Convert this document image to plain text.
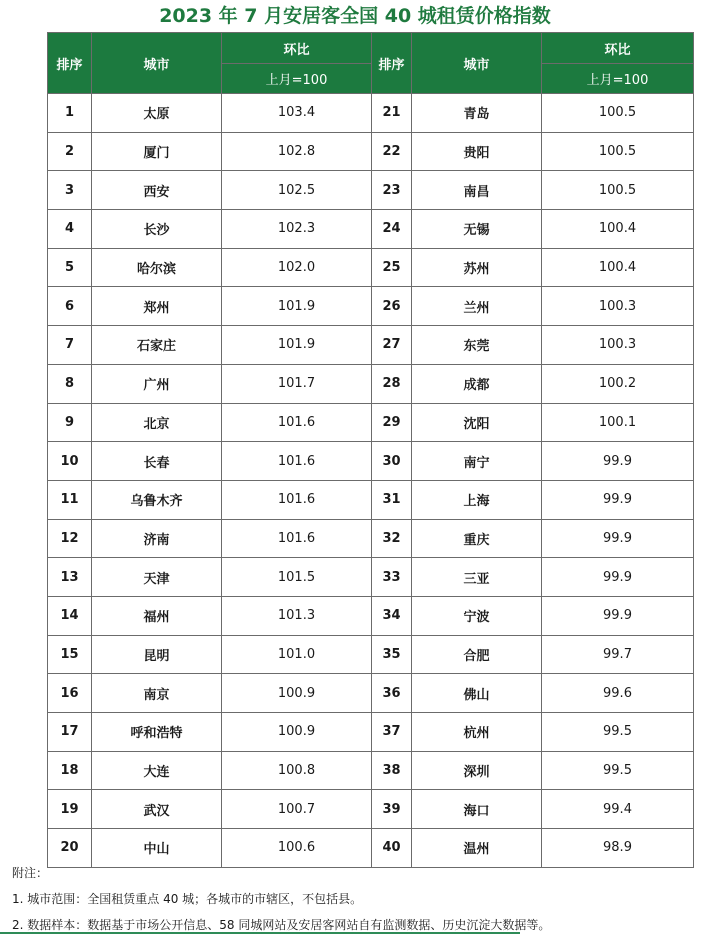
2023 年 7 月安居客全国 40 城租赁价格指数
排序	城市	环比	排序	城市	环比
		上月=100			上月=100
1	太原	103.4	21	青岛	100.5
2	厦门	102.8	22	贵阳	100.5
3	西安	102.5	23	南昌	100.5
4	长沙	102.3	24	无锡	100.4
5	哈尔滨	102.0	25	苏州	100.4
6	郑州	101.9	26	兰州	100.3
7	石家庄	101.9	27	东莞	100.3
8	广州	101.7	28	成都	100.2
9	北京	101.6	29	沈阳	100.1
10	长春	101.6	30	南宁	99.9
11	乌鲁木齐	101.6	31	上海	99.9
12	济南	101.6	32	重庆	99.9
13	天津	101.5	33	三亚	99.9
14	福州	101.3	34	宁波	99.9
15	昆明	101.0	35	合肥	99.7
16	南京	100.9	36	佛山	99.6
17	呼和浩特	100.9	37	杭州	99.5
18	大连	100.8	38	深圳	99.5
19	武汉	100.7	39	海口	99.4
20	中山	100.6	40	温州	98.9
附注：
1. 城市范围：全国租赁重点 40 城；各城市的市辖区，不包括县。
2. 数据样本：数据基于市场公开信息、58 同城网站及安居客网站自有监测数据、历史沉淀大数据等。
